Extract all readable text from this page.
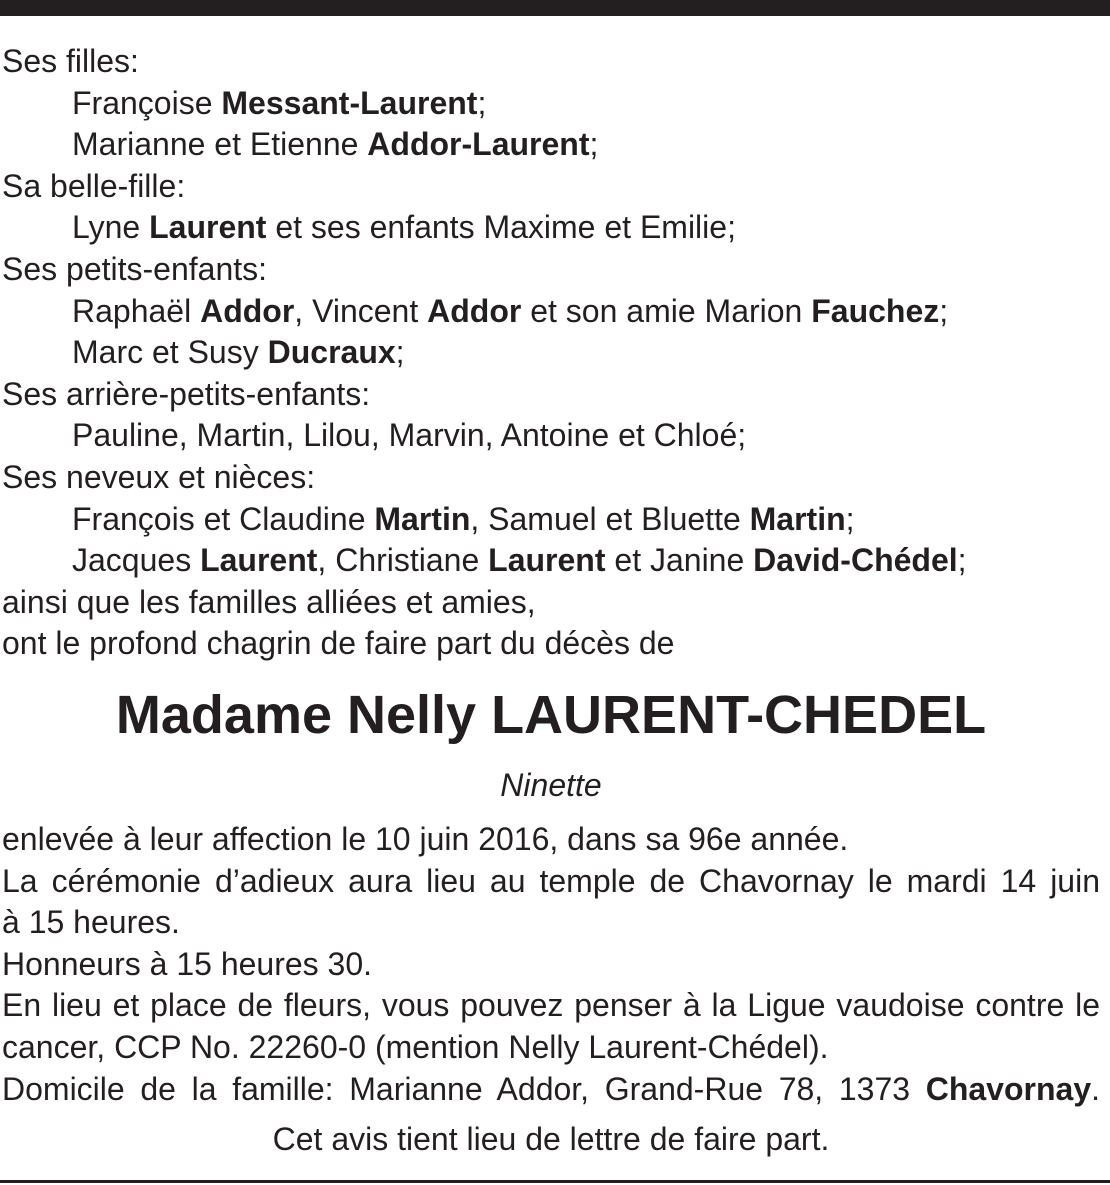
Ses filles:
Françoise Messant-Laurent;
Marianne et Etienne Addor-Laurent;
Sa belle-fille:
Lyne Laurent et ses enfants Maxime et Emilie;
Ses petits-enfants:
Raphaël Addor, Vincent Addor et son amie Marion Fauchez;
Marc et Susy Ducraux;
Ses arrière-petits-enfants:
Pauline, Martin, Lilou, Marvin, Antoine et Chloé;
Ses neveux et nièces:
François et Claudine Martin, Samuel et Bluette Martin;
Jacques Laurent, Christiane Laurent et Janine David-Chédel;
ainsi que les familles alliées et amies,
ont le profond chagrin de faire part du décès de
Madame Nelly LAURENT-CHEDEL
Ninette
enlevée à leur affection le 10 juin 2016, dans sa 96e année.
La cérémonie d’adieux aura lieu au temple de Chavornay le mardi 14 juin
à 15 heures.
Honneurs à 15 heures 30.
En lieu et place de fleurs, vous pouvez penser à la Ligue vaudoise contre le
cancer, CCP No. 22260-0 (mention Nelly Laurent-Chédel).
Domicile de la famille: Marianne Addor, Grand-Rue 78, 1373 Chavornay.
Cet avis tient lieu de lettre de faire part.
